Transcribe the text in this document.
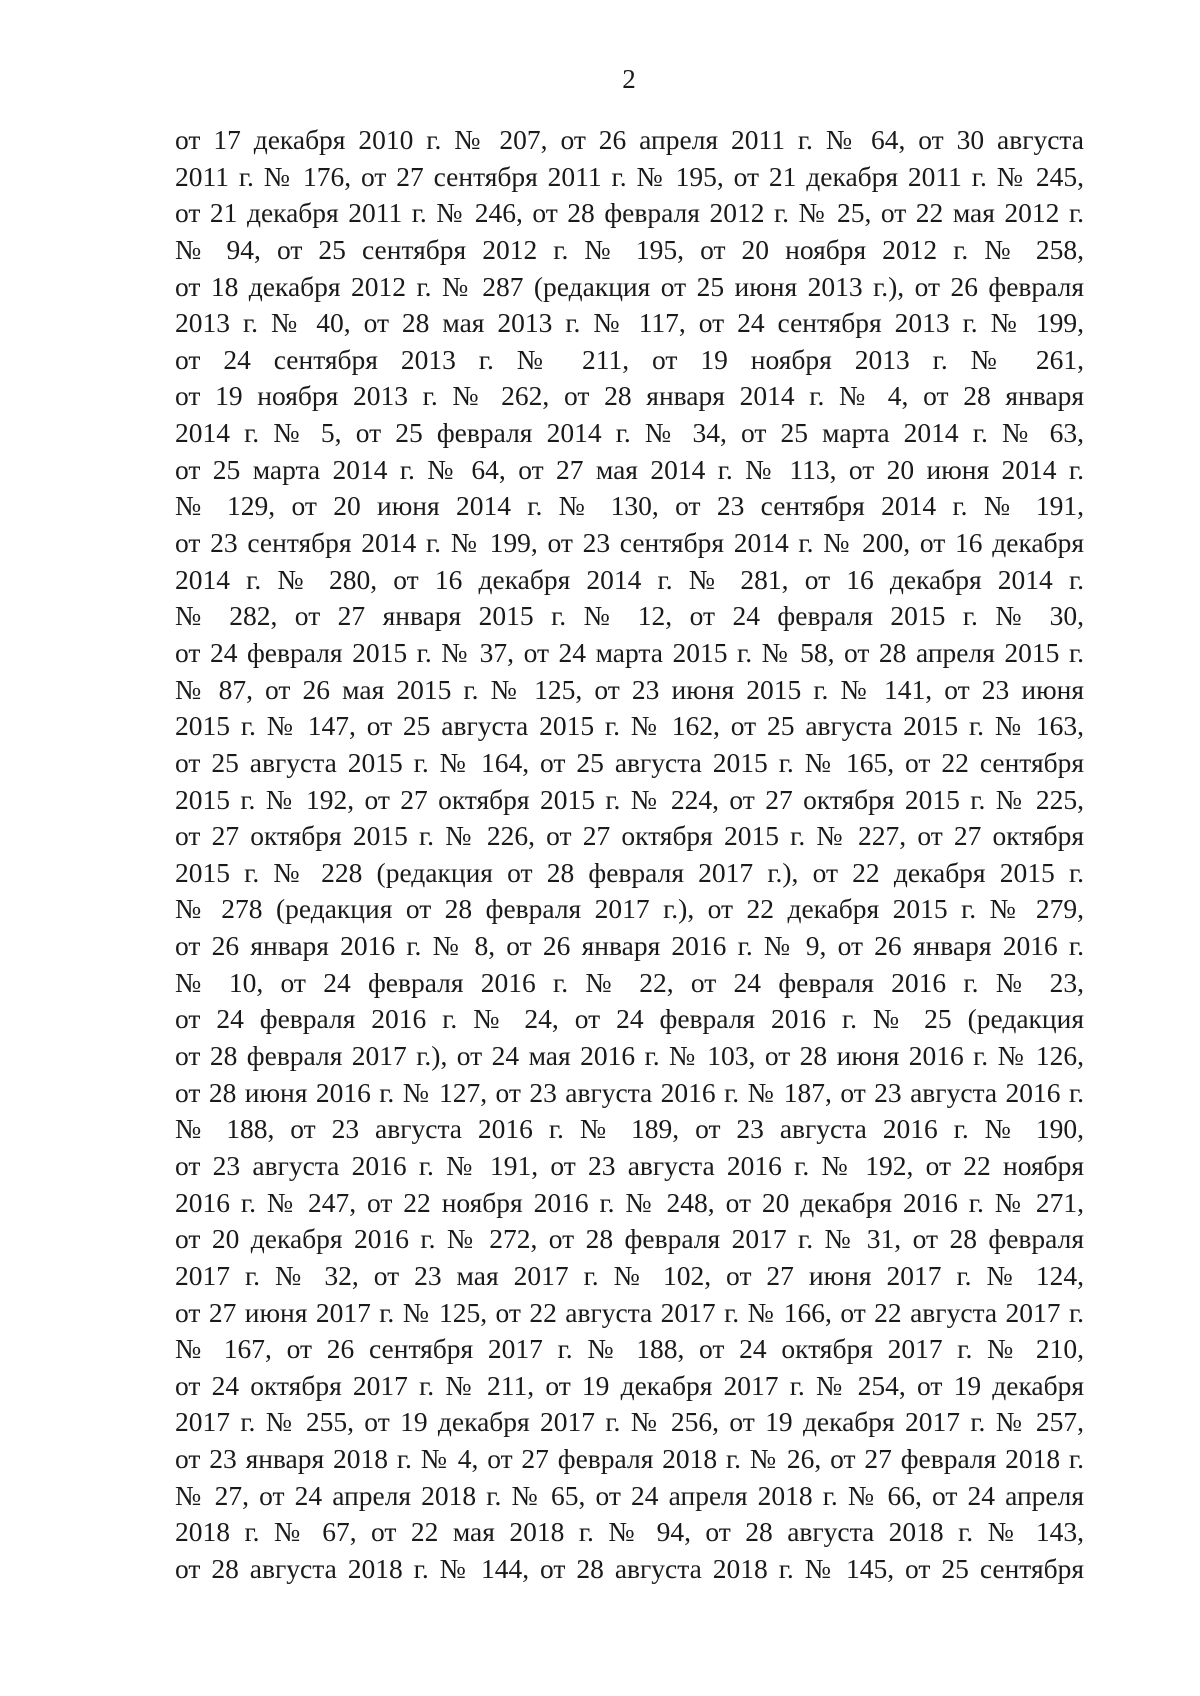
2
от 17 декабря 2010 г. № 207, от 26 апреля 2011 г. № 64, от 30 августа
2011 г. № 176, от 27 сентября 2011 г. № 195, от 21 декабря 2011 г. № 245,
от 21 декабря 2011 г. № 246, от 28 февраля 2012 г. № 25, от 22 мая 2012 г.
№ 94, от 25 сентября 2012 г. № 195, от 20 ноября 2012 г. № 258,
от 18 декабря 2012 г. № 287 (редакция от 25 июня 2013 г.), от 26 февраля
2013 г. № 40, от 28 мая 2013 г. № 117, от 24 сентября 2013 г. № 199,
от 24 сентября 2013 г. № 211, от 19 ноября 2013 г. № 261,
от 19 ноября 2013 г. № 262, от 28 января 2014 г. № 4, от 28 января
2014 г. № 5, от 25 февраля 2014 г. № 34, от 25 марта 2014 г. № 63,
от 25 марта 2014 г. № 64, от 27 мая 2014 г. № 113, от 20 июня 2014 г.
№ 129, от 20 июня 2014 г. № 130, от 23 сентября 2014 г. № 191,
от 23 сентября 2014 г. № 199, от 23 сентября 2014 г. № 200, от 16 декабря
2014 г. № 280, от 16 декабря 2014 г. № 281, от 16 декабря 2014 г.
№ 282, от 27 января 2015 г. № 12, от 24 февраля 2015 г. № 30,
от 24 февраля 2015 г. № 37, от 24 марта 2015 г. № 58, от 28 апреля 2015 г.
№ 87, от 26 мая 2015 г. № 125, от 23 июня 2015 г. № 141, от 23 июня
2015 г. № 147, от 25 августа 2015 г. № 162, от 25 августа 2015 г. № 163,
от 25 августа 2015 г. № 164, от 25 августа 2015 г. № 165, от 22 сентября
2015 г. № 192, от 27 октября 2015 г. № 224, от 27 октября 2015 г. № 225,
от 27 октября 2015 г. № 226, от 27 октября 2015 г. № 227, от 27 октября
2015 г. № 228 (редакция от 28 февраля 2017 г.), от 22 декабря 2015 г.
№ 278 (редакция от 28 февраля 2017 г.), от 22 декабря 2015 г. № 279,
от 26 января 2016 г. № 8, от 26 января 2016 г. № 9, от 26 января 2016 г.
№ 10, от 24 февраля 2016 г. № 22, от 24 февраля 2016 г. № 23,
от 24 февраля 2016 г. № 24, от 24 февраля 2016 г. № 25 (редакция
от 28 февраля 2017 г.), от 24 мая 2016 г. № 103, от 28 июня 2016 г. № 126,
от 28 июня 2016 г. № 127, от 23 августа 2016 г. № 187, от 23 августа 2016 г.
№ 188, от 23 августа 2016 г. № 189, от 23 августа 2016 г. № 190,
от 23 августа 2016 г. № 191, от 23 августа 2016 г. № 192, от 22 ноября
2016 г. № 247, от 22 ноября 2016 г. № 248, от 20 декабря 2016 г. № 271,
от 20 декабря 2016 г. № 272, от 28 февраля 2017 г. № 31, от 28 февраля
2017 г. № 32, от 23 мая 2017 г. № 102, от 27 июня 2017 г. № 124,
от 27 июня 2017 г. № 125, от 22 августа 2017 г. № 166, от 22 августа 2017 г.
№ 167, от 26 сентября 2017 г. № 188, от 24 октября 2017 г. № 210,
от 24 октября 2017 г. № 211, от 19 декабря 2017 г. № 254, от 19 декабря
2017 г. № 255, от 19 декабря 2017 г. № 256, от 19 декабря 2017 г. № 257,
от 23 января 2018 г. № 4, от 27 февраля 2018 г. № 26, от 27 февраля 2018 г.
№ 27, от 24 апреля 2018 г. № 65, от 24 апреля 2018 г. № 66, от 24 апреля
2018 г. № 67, от 22 мая 2018 г. № 94, от 28 августа 2018 г. № 143,
от 28 августа 2018 г. № 144, от 28 августа 2018 г. № 145, от 25 сентября
